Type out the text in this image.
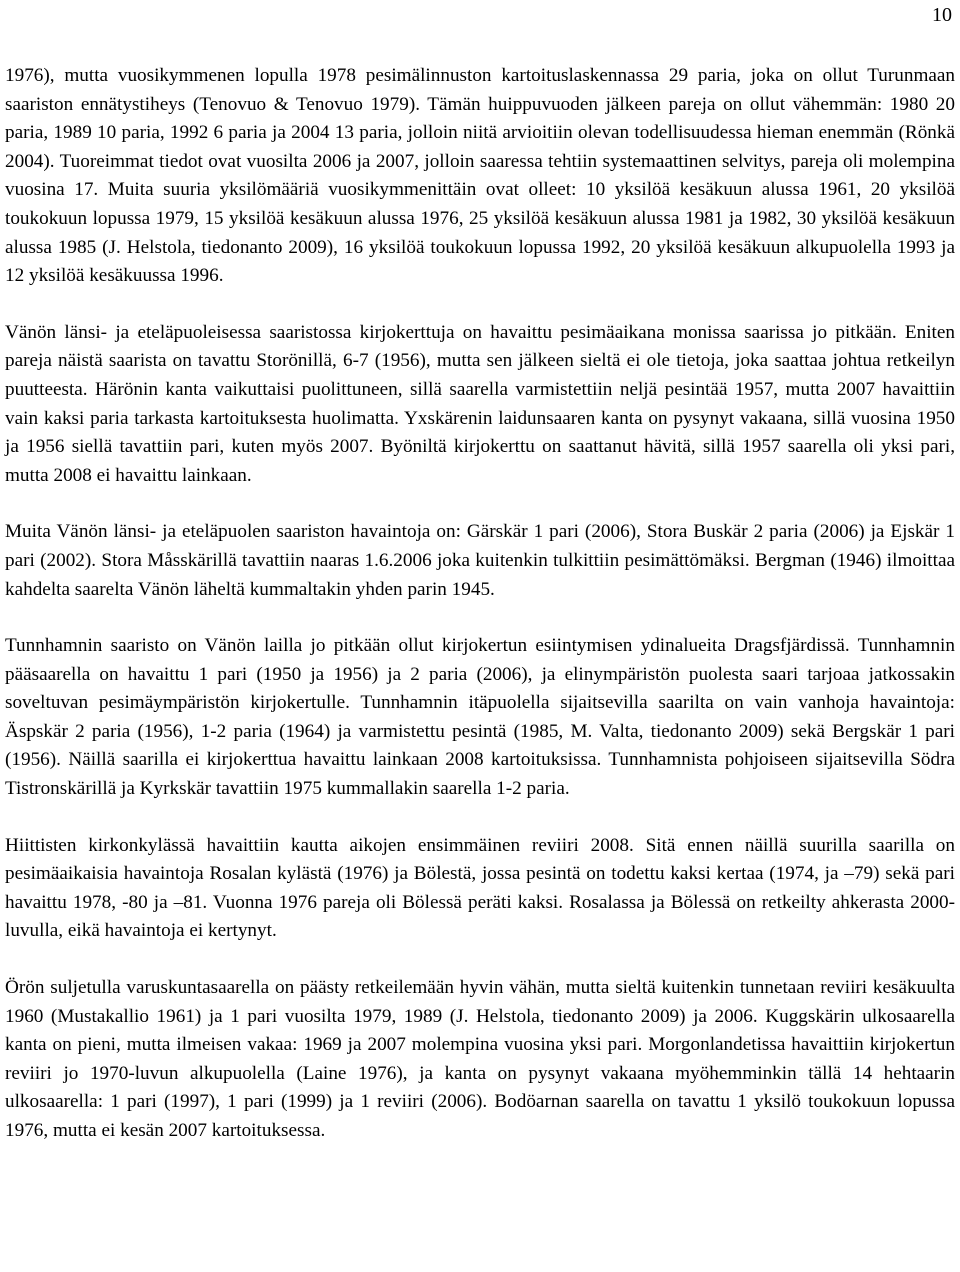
10

1976), mutta vuosikymmenen lopulla 1978 pesimälinnuston kartoituslaskennassa 29 paria, joka on ollut Turunmaan saariston ennätystiheys (Tenovuo & Tenovuo 1979). Tämän huippuvuoden jälkeen pareja on ollut vähemmän: 1980 20 paria, 1989 10 paria, 1992 6 paria ja 2004 13 paria, jolloin niitä arvioitiin olevan todellisuudessa hieman enemmän (Rönkä 2004). Tuoreimmat tiedot ovat vuosilta 2006 ja 2007, jolloin saaressa tehtiin systemaattinen selvitys, pareja oli molempina vuosina 17. Muita suuria yksilömääriä vuosikymmenittäin ovat olleet: 10 yksilöä kesäkuun alussa 1961, 20 yksilöä toukokuun lopussa 1979, 15 yksilöä kesäkuun alussa 1976, 25 yksilöä kesäkuun alussa 1981 ja 1982, 30 yksilöä kesäkuun alussa 1985 (J. Helstola, tiedonanto 2009), 16 yksilöä toukokuun lopussa 1992, 20 yksilöä kesäkuun alkupuolella 1993 ja 12 yksilöä kesäkuussa 1996.

Vänön länsi- ja eteläpuoleisessa saaristossa kirjokerttuja on havaittu pesimäaikana monissa saarissa jo pitkään. Eniten pareja näistä saarista on tavattu Storönillä, 6-7 (1956), mutta sen jälkeen sieltä ei ole tietoja, joka saattaa johtua retkeilyn puutteesta. Härönin kanta vaikuttaisi puolittuneen, sillä saarella varmistettiin neljä pesintää 1957, mutta 2007 havaittiin vain kaksi paria tarkasta kartoituksesta huolimatta. Yxskärenin laidunsaaren kanta on pysynyt vakaana, sillä vuosina 1950 ja 1956 siellä tavattiin pari, kuten myös 2007. Byöniltä kirjokerttu on saattanut hävitä, sillä 1957 saarella oli yksi pari, mutta 2008 ei havaittu lainkaan.

Muita Vänön länsi- ja eteläpuolen saariston havaintoja on: Gärskär 1 pari (2006), Stora Buskär 2 paria (2006) ja Ejskär 1 pari (2002). Stora Måsskärillä tavattiin naaras 1.6.2006 joka kuitenkin tulkittiin pesimättömäksi. Bergman (1946) ilmoittaa kahdelta saarelta Vänön läheltä kummaltakin yhden parin 1945.

Tunnhamnin saaristo on Vänön lailla jo pitkään ollut kirjokertun esiintymisen ydinalueita Dragsfjärdissä. Tunnhamnin pääsaarella on havaittu 1 pari (1950 ja 1956) ja 2 paria (2006), ja elinympäristön puolesta saari tarjoaa jatkossakin soveltuvan pesimäympäristön kirjokertulle. Tunnhamnin itäpuolella sijaitsevilla saarilta on vain vanhoja havaintoja: Äspskär 2 paria (1956), 1-2 paria (1964) ja varmistettu pesintä (1985, M. Valta, tiedonanto 2009) sekä Bergskär 1 pari (1956). Näillä saarilla ei kirjokerttua havaittu lainkaan 2008 kartoituksissa. Tunnhamnista pohjoiseen sijaitsevilla Södra Tistronskärillä ja Kyrkskär tavattiin 1975 kummallakin saarella 1-2 paria.

Hiittisten kirkonkylässä havaittiin kautta aikojen ensimmäinen reviiri 2008. Sitä ennen näillä suurilla saarilla on pesimäaikaisia havaintoja Rosalan kylästä (1976) ja Bölestä, jossa pesintä on todettu kaksi kertaa (1974, ja –79) sekä pari havaittu 1978, -80 ja –81. Vuonna 1976 pareja oli Bölessä peräti kaksi. Rosalassa ja Bölessä on retkeilty ahkerasta 2000-luvulla, eikä havaintoja ei kertynyt.

Örön suljetulla varuskuntasaarella on päästy retkeilemään hyvin vähän, mutta sieltä kuitenkin tunnetaan reviiri kesäkuulta 1960 (Mustakallio 1961) ja 1 pari vuosilta 1979, 1989 (J. Helstola, tiedonanto 2009) ja 2006. Kuggskärin ulkosaarella kanta on pieni, mutta ilmeisen vakaa: 1969 ja 2007 molempina vuosina yksi pari. Morgonlandetissa havaittiin kirjokertun reviiri jo 1970-luvun alkupuolella (Laine 1976), ja kanta on pysynyt vakaana myöhemminkin tällä 14 hehtaarin ulkosaarella: 1 pari (1997), 1 pari (1999) ja 1 reviiri (2006). Bodöarnan saarella on tavattu 1 yksilö toukokuun lopussa 1976, mutta ei kesän 2007 kartoituksessa.
